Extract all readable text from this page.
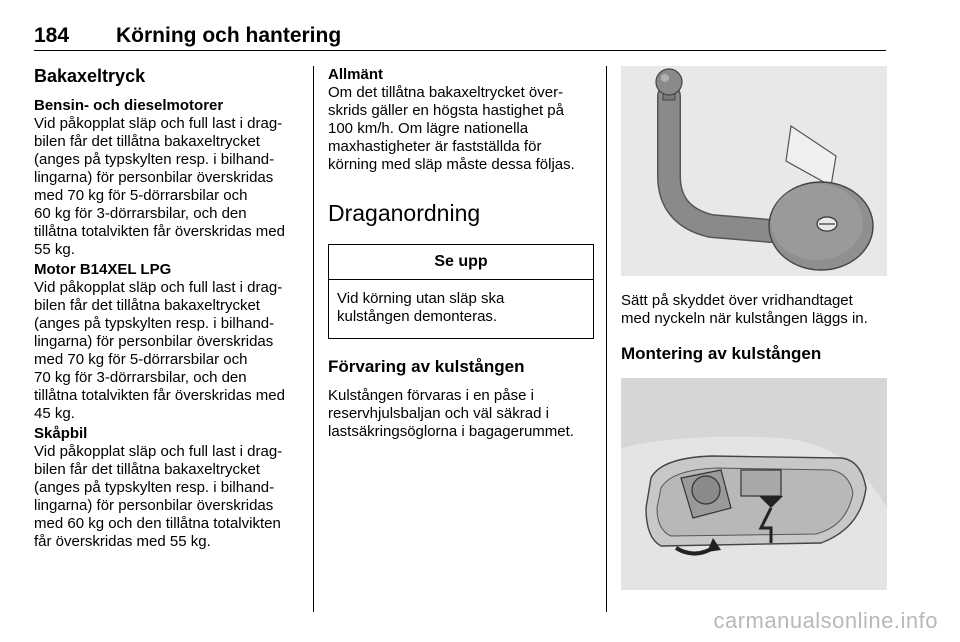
184 Körning och hantering
Bakaxeltryck
Bensin- och dieselmotorer

Vid påkopplat släp och full last i drag-

bilen får det tillåtna bakaxeltrycket

(anges på typskylten resp. i bilhand-

lingarna) för personbilar överskridas

med 70 kg för 5-dörrarsbilar och

60 kg för 3-dörrarsbilar, och den

tillåtna totalvikten får överskridas med

55 kg.

Motor B14XEL LPG

Vid påkopplat släp och full last i drag-

bilen får det tillåtna bakaxeltrycket

(anges på typskylten resp. i bilhand-

lingarna) för personbilar överskridas

med 70 kg för 5-dörrarsbilar och

70 kg för 3-dörrarsbilar, och den

tillåtna totalvikten får överskridas med

45 kg.

Skåpbil

Vid påkopplat släp och full last i drag-

bilen får det tillåtna bakaxeltrycket

(anges på typskylten resp. i bilhand-

lingarna) för personbilar överskridas

med 60 kg och den tillåtna totalvikten

får överskridas med 55 kg.

Allmänt

Om det tillåtna bakaxeltrycket över-

skrids gäller en högsta hastighet på

100 km/h. Om lägre nationella

maxhastigheter är fastställda för

körning med släp måste dessa följas.

Draganordning
Se upp
Vid körning utan släp ska
kulstången demonteras.
Förvaring av kulstången

Kulstången förvaras i en påse i

reservhjulsbaljan och väl säkrad i

lastsäkringsöglorna i bagagerummet.

Sätt på skyddet över vridhandtaget

med nyckeln när kulstången läggs in.

Montering av kulstången
carmanualsonline.info
